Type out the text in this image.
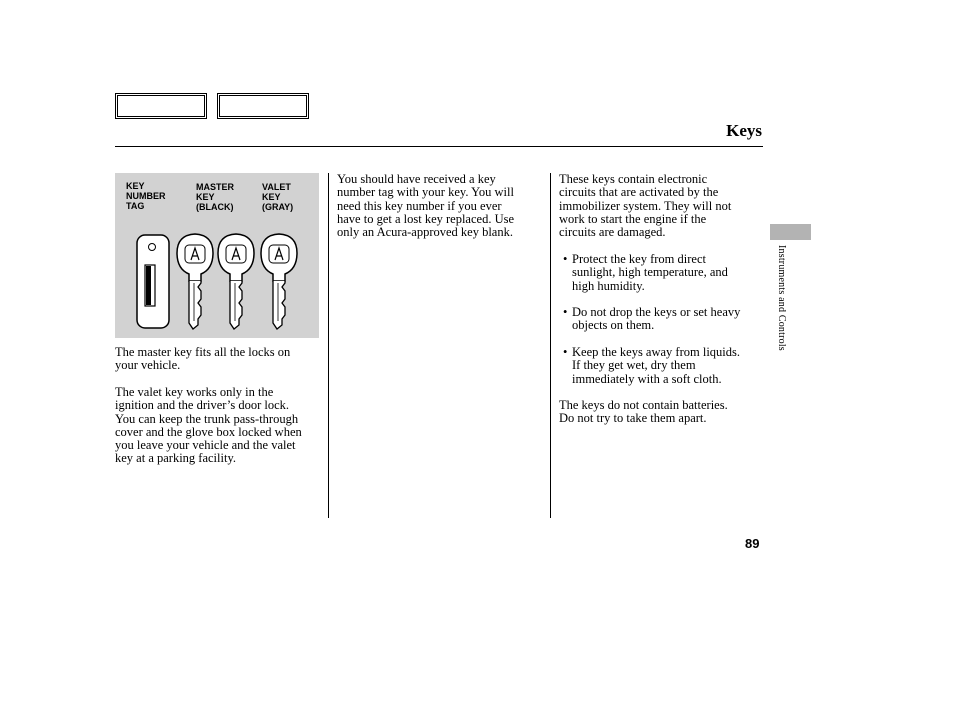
Keys
KEY
NUMBER
TAG
MASTER
KEY
(BLACK)
VALET
KEY
(GRAY)
The master key fits all the locks on
your vehicle.
The valet key works only in the
ignition and the driver’s door lock.
You can keep the trunk pass-through
cover and the glove box locked when
you leave your vehicle and the valet
key at a parking facility.
You should have received a key
number tag with your key. You will
need this key number if you ever
have to get a lost key replaced. Use
only an Acura-approved key blank.
These keys contain electronic
circuits that are activated by the
immobilizer system. They will not
work to start the engine if the
circuits are damaged.
• Protect the key from direct
sunlight, high temperature, and
high humidity.
• Do not drop the keys or set heavy
objects on them.
• Keep the keys away from liquids.
If they get wet, dry them
immediately with a soft cloth.
The keys do not contain batteries.
Do not try to take them apart.
Instruments and Controls
89
